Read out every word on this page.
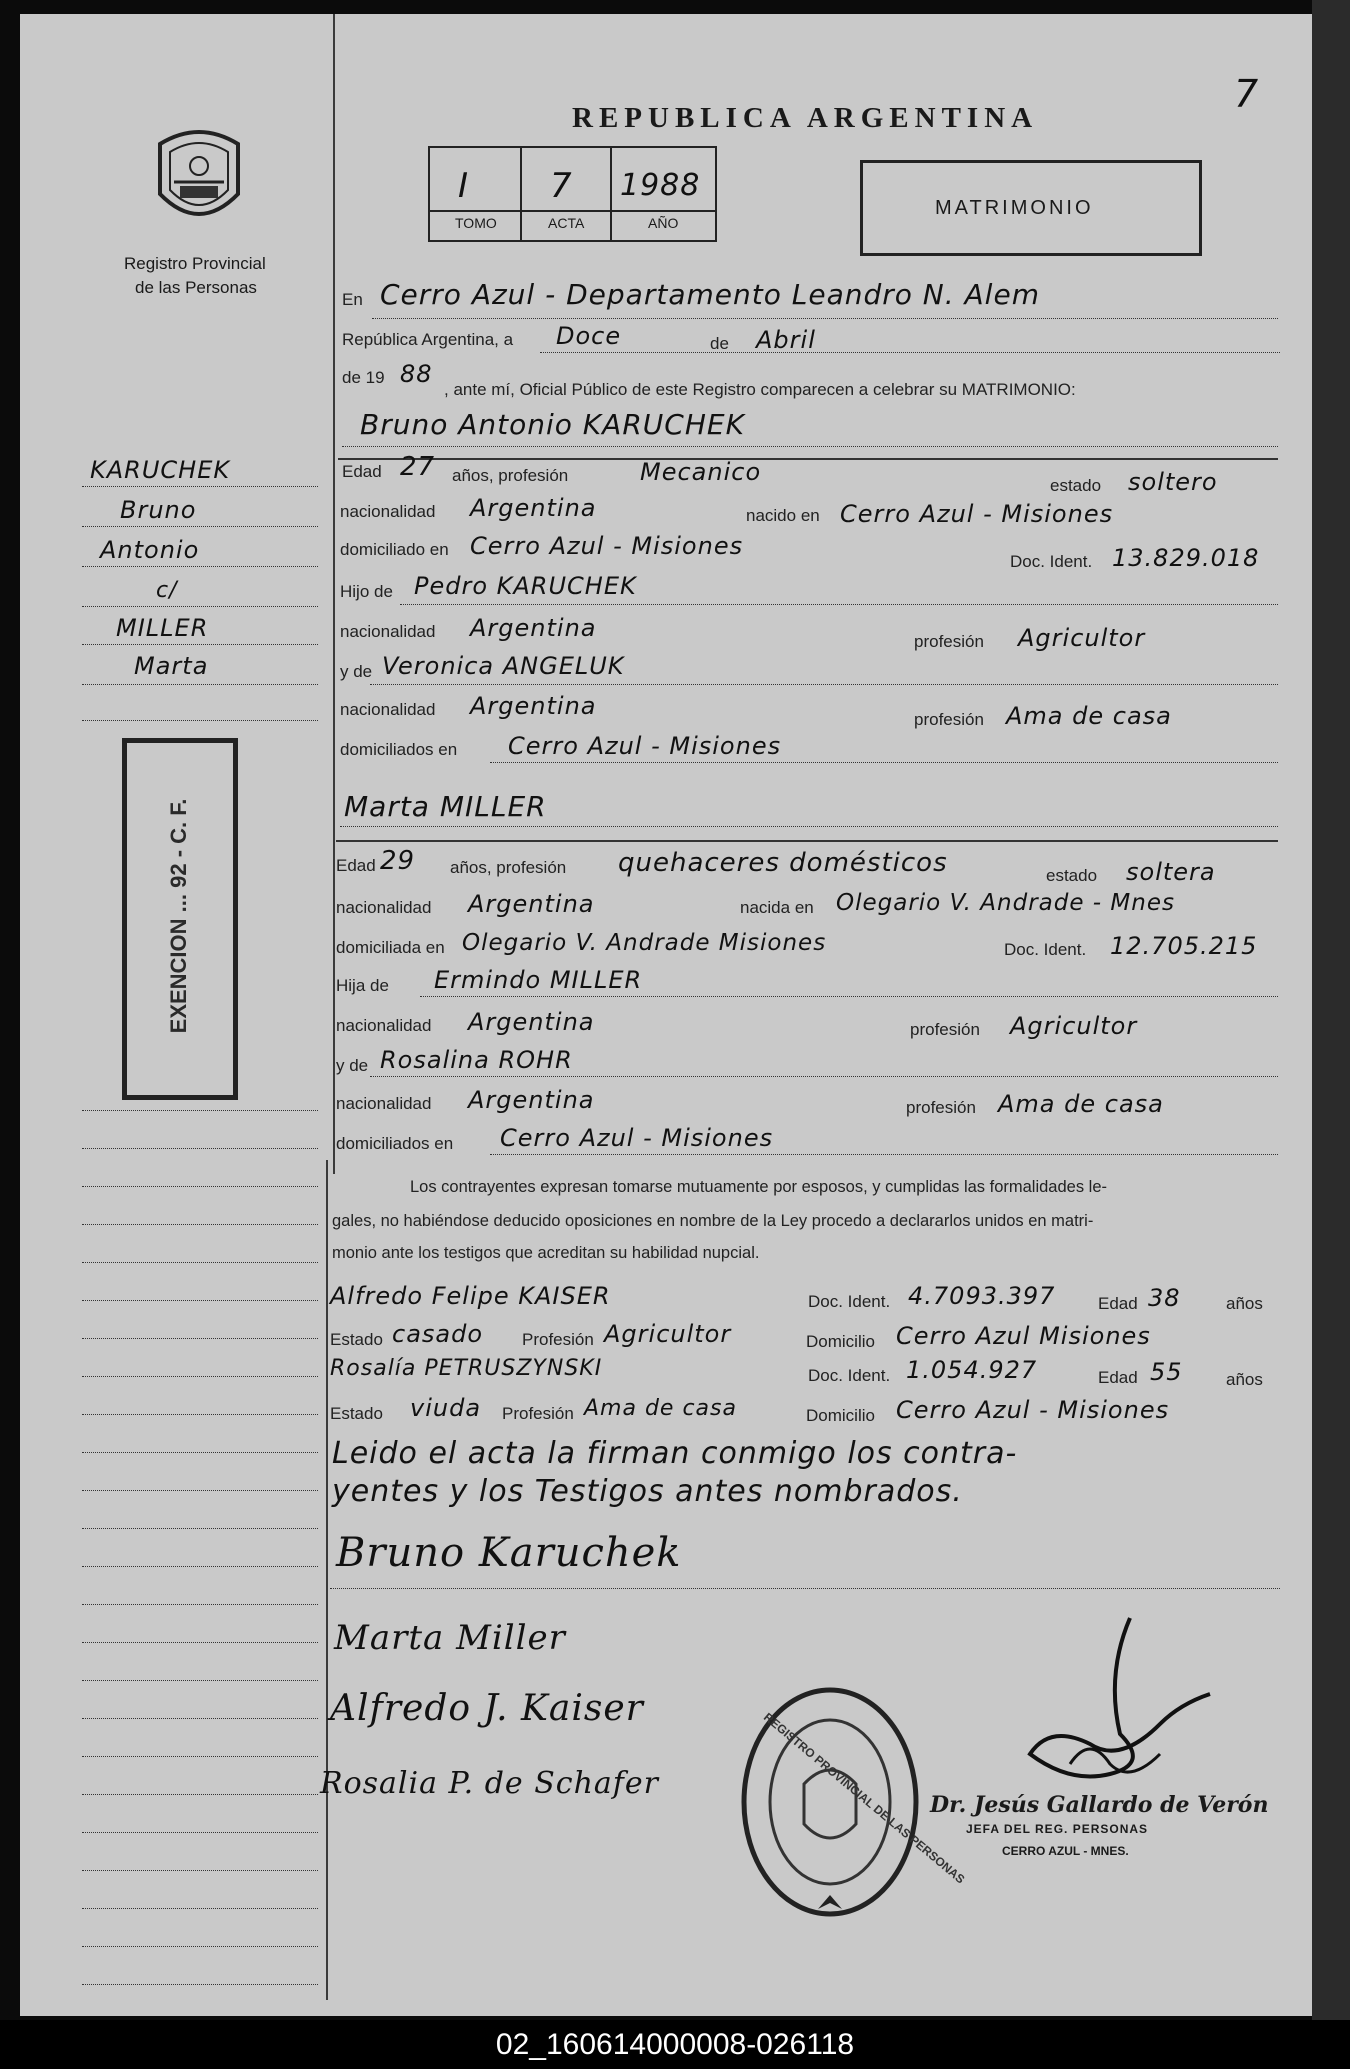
REPUBLICA ARGENTINA
7
Registro Provincial
de las Personas
I 7 1988
TOMO	ACTA	AÑO
MATRIMONIO
KARUCHEK
Bruno
Antonio
c/
MILLER
Marta
EXENCION ... 92 - C. F.
En Cerro Azul - Departamento Leandro N. Alem
República Argentina, a Doce	de Abril
de 19 88
, ante mí, Oficial Público de este Registro comparecen a celebrar su MATRIMONIO:
Bruno Antonio KARUCHEK
Edad 27 años, profesión	Mecanico	estado soltero
nacionalidad Argentina	nacido en Cerro Azul - Misiones
domiciliado en Cerro Azul - Misiones
Doc. Ident. 13.829.018
Hijo de Pedro KARUCHEK
nacionalidad Argentina	profesión Agricultor
y de Veronica ANGELUK
nacionalidad Argentina	profesión Ama de casa
domiciliados en Cerro Azul - Misiones
Marta MILLER
Edad 29 años, profesión quehaceres domésticos	estado soltera
nacionalidad Argentina	nacida en Olegario V. Andrade - Mnes
domiciliada en Olegario V. Andrade Misiones	Doc. Ident. 12.705.215
Hija de Ermindo MILLER
nacionalidad Argentina	profesión Agricultor
y de Rosalina ROHR
nacionalidad Argentina	profesión Ama de casa
domiciliados en Cerro Azul - Misiones
Los contrayentes expresan tomarse mutuamente por esposos, y cumplidas las formalidades le-
gales, no habiéndose deducido oposiciones en nombre de la Ley procedo a declararlos unidos en matri-
monio ante los testigos que acreditan su habilidad nupcial.
Alfredo Felipe KAISER	Doc. Ident. 4.7093.397	Edad 38	años
Estado casado Profesión Agricultor	Domicilio Cerro Azul Misiones
Rosalía PETRUSZYNSKI	Doc. Ident. 1.054.927	Edad 55	años
Estado viuda Profesión Ama de casa	Domicilio Cerro Azul - Misiones
Leido el acta la firman conmigo los contra-
yentes y los Testigos antes nombrados.
Bruno Karuchek
Marta Miller
Alfredo J. Kaiser
Rosalia P. de Schafer	REGISTRO PROVINCIAL DE LAS PERSONAS
Dr. Jesús Gallardo de Verón
JEFA DEL REG. PERSONAS
CERRO AZUL - MNES.
02_160614000008-026118
